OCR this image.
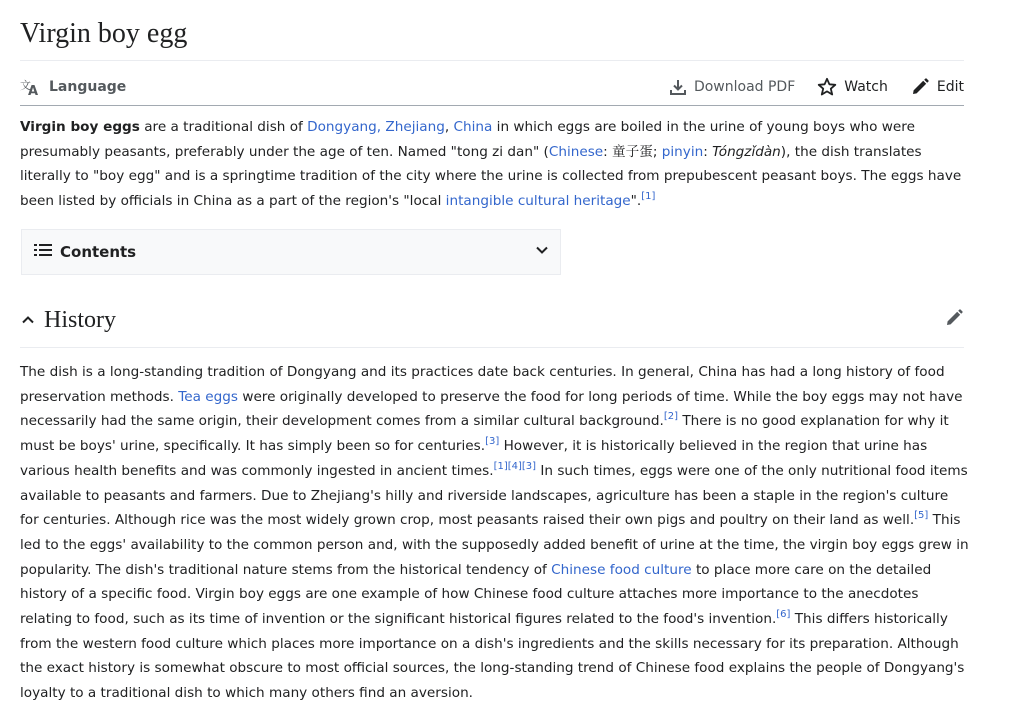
Virgin boy egg
文
A Language	Download PDF	Watch	Edit

Virgin boy eggs are a traditional dish of Dongyang, Zhejiang, China in which eggs are boiled in the urine of young boys who were presumably peasants, preferably under the age of ten. Named "tong zi dan" (Chinese: 童子蛋; pinyin: Tóngzǐdàn), the dish translates literally to "boy egg" and is a springtime tradition of the city where the urine is collected from prepubescent peasant boys. The eggs have been listed by officials in China as a part of the region's "local intangible cultural heritage".[1]

Contents
History

The dish is a long-standing tradition of Dongyang and its practices date back centuries. In general, China has had a long history of food preservation methods. Tea eggs were originally developed to preserve the food for long periods of time. While the boy eggs may not have necessarily had the same origin, their development comes from a similar cultural background.[2] There is no good explanation for why it must be boys' urine, specifically. It has simply been so for centuries.[3] However, it is historically believed in the region that urine has various health benefits and was commonly ingested in ancient times.[1][4][3] In such times, eggs were one of the only nutritional food items available to peasants and farmers. Due to Zhejiang's hilly and riverside landscapes, agriculture has been a staple in the region's culture for centuries. Although rice was the most widely grown crop, most peasants raised their own pigs and poultry on their land as well.[5] This led to the eggs' availability to the common person and, with the supposedly added benefit of urine at the time, the virgin boy eggs grew in popularity. The dish's traditional nature stems from the historical tendency of Chinese food culture to place more care on the detailed history of a specific food. Virgin boy eggs are one example of how Chinese food culture attaches more importance to the anecdotes relating to food, such as its time of invention or the significant historical figures related to the food's invention.[6] This differs historically from the western food culture which places more importance on a dish's ingredients and the skills necessary for its preparation. Although the exact history is somewhat obscure to most official sources, the long-standing trend of Chinese food explains the people of Dongyang's loyalty to a traditional dish to which many others find an aversion.
